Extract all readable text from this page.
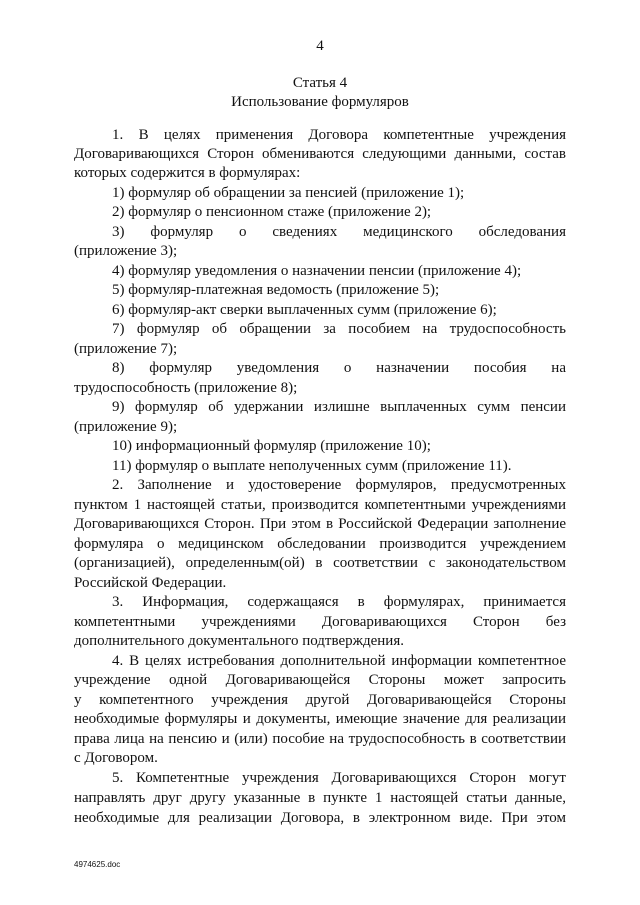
4
Статья 4
Использование формуляров
1. В целях применения Договора компетентные учреждения
Договаривающихся Сторон обмениваются следующими данными, состав
которых содержится в формулярах:
1) формуляр об обращении за пенсией (приложение 1);
2) формуляр о пенсионном стаже (приложение 2);
3) формуляр о сведениях медицинского обследования
(приложение 3);
4) формуляр уведомления о назначении пенсии (приложение 4);
5) формуляр-платежная ведомость (приложение 5);
6) формуляр-акт сверки выплаченных сумм (приложение 6);
7) формуляр об обращении за пособием на трудоспособность
(приложение 7);
8) формуляр уведомления о назначении пособия на
трудоспособность (приложение 8);
9) формуляр об удержании излишне выплаченных сумм пенсии
(приложение 9);
10) информационный формуляр (приложение 10);
11) формуляр о выплате неполученных сумм (приложение 11).
2. Заполнение и удостоверение формуляров, предусмотренных
пунктом 1 настоящей статьи, производится компетентными учреждениями
Договаривающихся Сторон. При этом в Российской Федерации заполнение
формуляра о медицинском обследовании производится учреждением
(организацией), определенным(ой) в соответствии с законодательством
Российской Федерации.
3. Информация, содержащаяся в формулярах, принимается
компетентными учреждениями Договаривающихся Сторон без
дополнительного документального подтверждения.
4. В целях истребования дополнительной информации компетентное
учреждение одной Договаривающейся Стороны может запросить
у компетентного учреждения другой Договаривающейся Стороны
необходимые формуляры и документы, имеющие значение для реализации
права лица на пенсию и (или) пособие на трудоспособность в соответствии
с Договором.
5. Компетентные учреждения Договаривающихся Сторон могут
направлять друг другу указанные в пункте 1 настоящей статьи данные,
необходимые для реализации Договора, в электронном виде. При этом
4974625.doc
